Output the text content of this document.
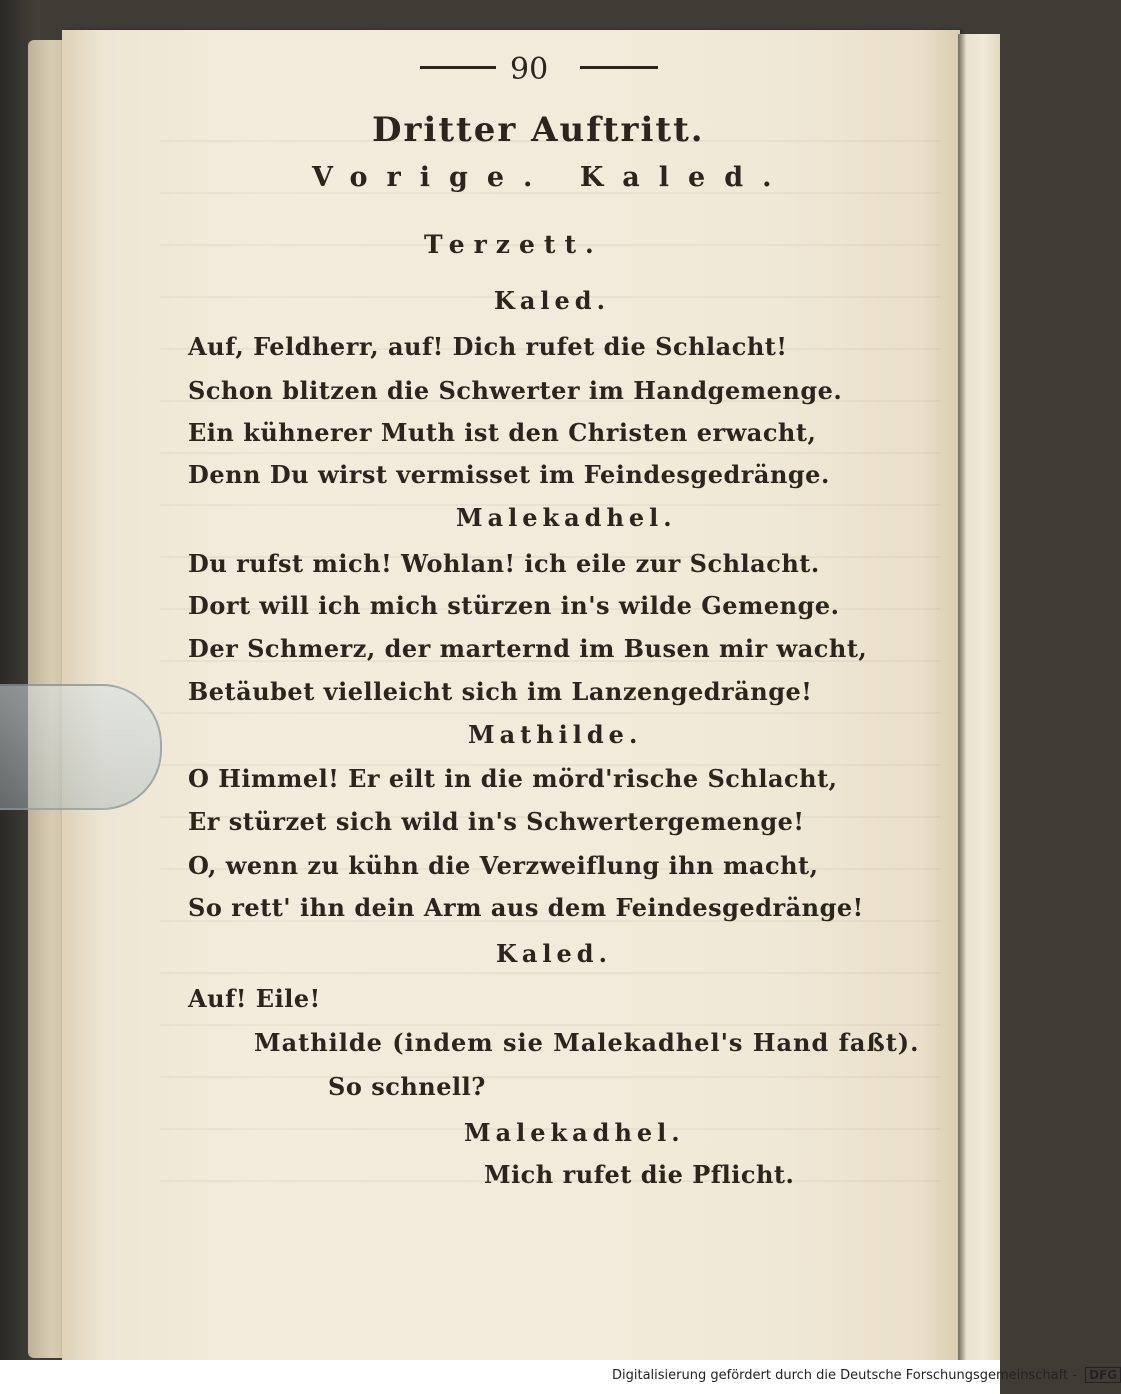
90
Dritter Auftritt.
Vorige. Kaled.
Terzett.
Kaled.
Auf, Feldherr, auf! Dich rufet die Schlacht!
Schon blitzen die Schwerter im Handgemenge.
Ein kühnerer Muth ist den Christen erwacht,
Denn Du wirst vermisset im Feindesgedränge.
Malekadhel.
Du rufst mich! Wohlan! ich eile zur Schlacht.
Dort will ich mich stürzen in's wilde Gemenge.
Der Schmerz, der marternd im Busen mir wacht,
Betäubet vielleicht sich im Lanzengedränge!
Mathilde.
O Himmel! Er eilt in die mörd'rische Schlacht,
Er stürzet sich wild in's Schwertergemenge!
O, wenn zu kühn die Verzweiflung ihn macht,
So rett' ihn dein Arm aus dem Feindesgedränge!
Kaled.
Auf! Eile!
Mathilde (indem sie Malekadhel's Hand faßt).
So schnell?
Malekadhel.
Mich rufet die Pflicht.
Digitalisierung gefördert durch die Deutsche Forschungsgemeinschaft - DFG
